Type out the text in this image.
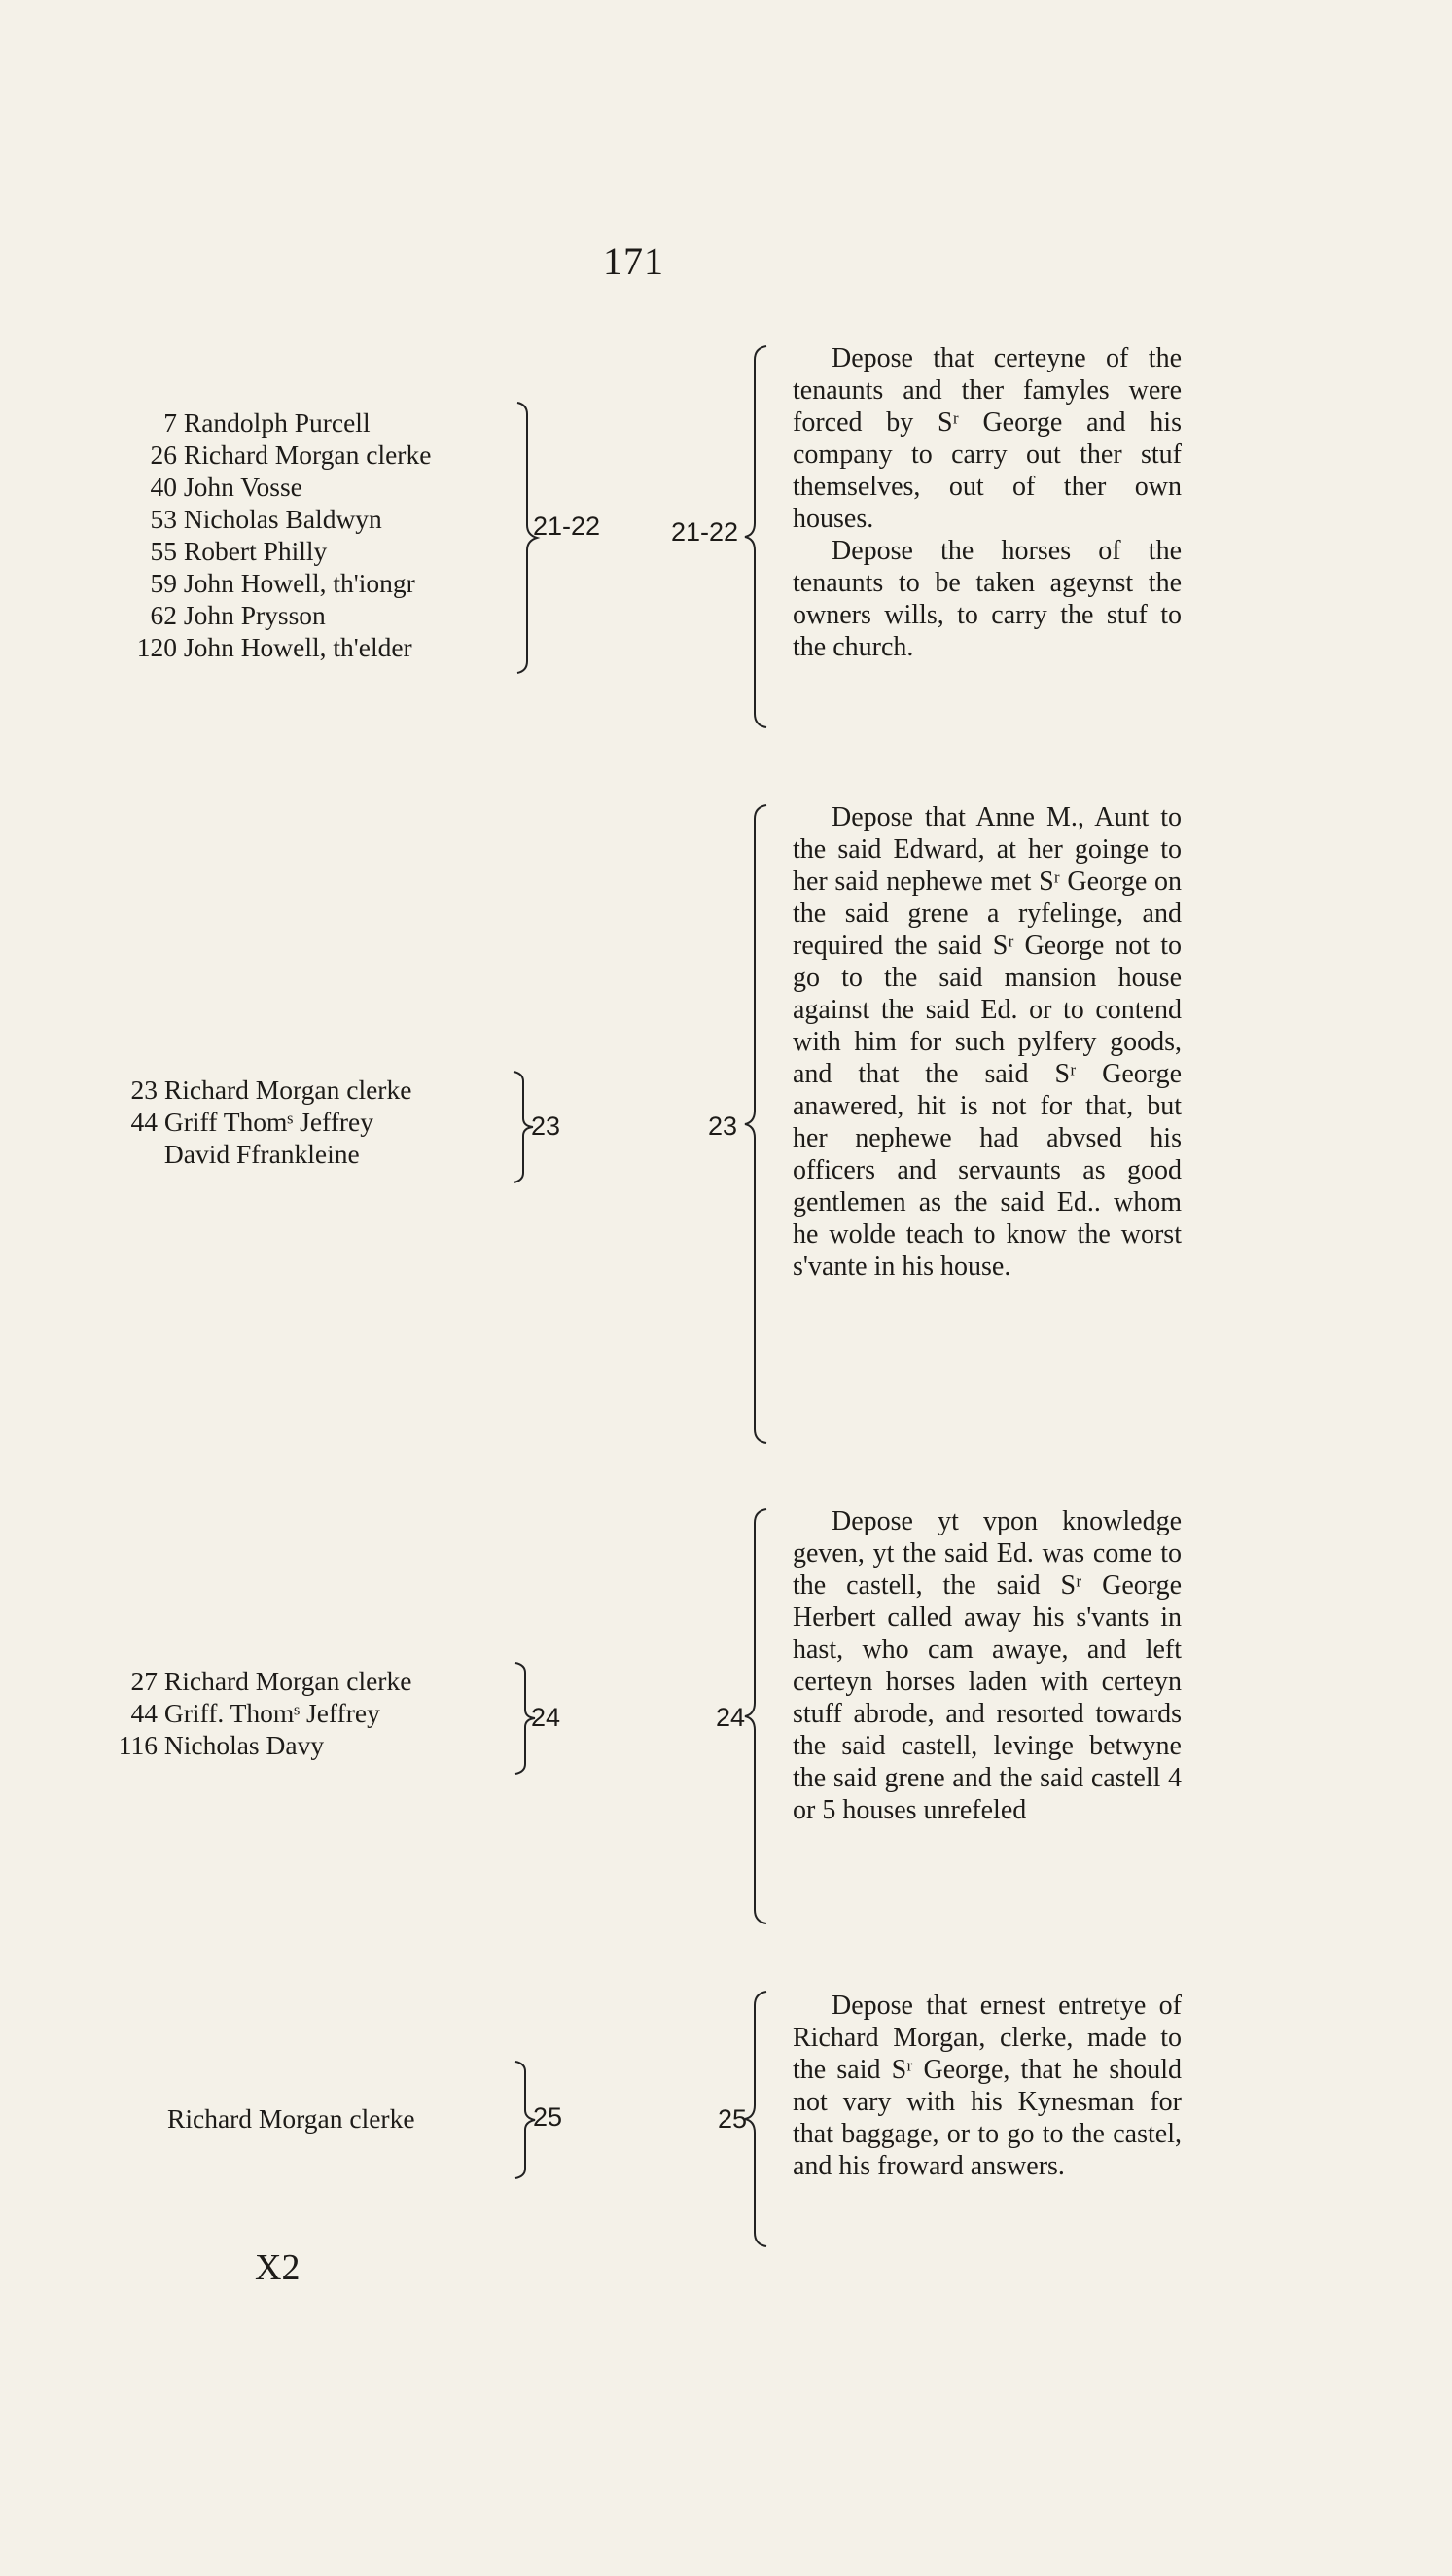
171
7 Randolph Purcell
26 Richard Morgan clerke
40 John Vosse
53 Nicholas Baldwyn
55 Robert Philly
59 John Howell, th'iongr
62 John Prysson
120 John Howell, th'elder
21-22	21-22

Depose that certeyne of the tenaunts and ther famyles were forced by Sʳ George and his company to carry out ther stuf themselves, out of ther own houses.

Depose the horses of the tenaunts to be taken ageynst the owners wills, to carry the stuf to the church.

23 Richard Morgan clerke
44 Griff Thomˢ Jeffrey
David Ffrankleine
23	23

Depose that Anne M., Aunt to the said Edward, at her goinge to her said nephewe met Sʳ George on the said grene a ryfelinge, and required the said Sʳ George not to go to the said mansion house against the said Ed. or to contend with him for such pylfery goods, and that the said Sʳ George anawered, hit is not for that, but her nephewe had abvsed his officers and servaunts as good gentlemen as the said Ed.. whom he wolde teach to know the worst s'vante in his house.

27 Richard Morgan clerke
44 Griff. Thomˢ Jeffrey
116 Nicholas Davy
24	24

Depose yt vpon knowledge geven, yt the said Ed. was come to the castell, the said Sʳ George Herbert called away his s'vants in hast, who cam awaye, and left certeyn horses laden with certeyn stuff abrode, and resorted towards the said castell, levinge betwyne the said grene and the said castell 4 or 5 houses unrefeled

Richard Morgan clerke	25	25

Depose that ernest entretye of Richard Morgan, clerke, made to the said Sʳ George, that he should not vary with his Kynesman for that baggage, or to go to the castel, and his froward answers.

X2
